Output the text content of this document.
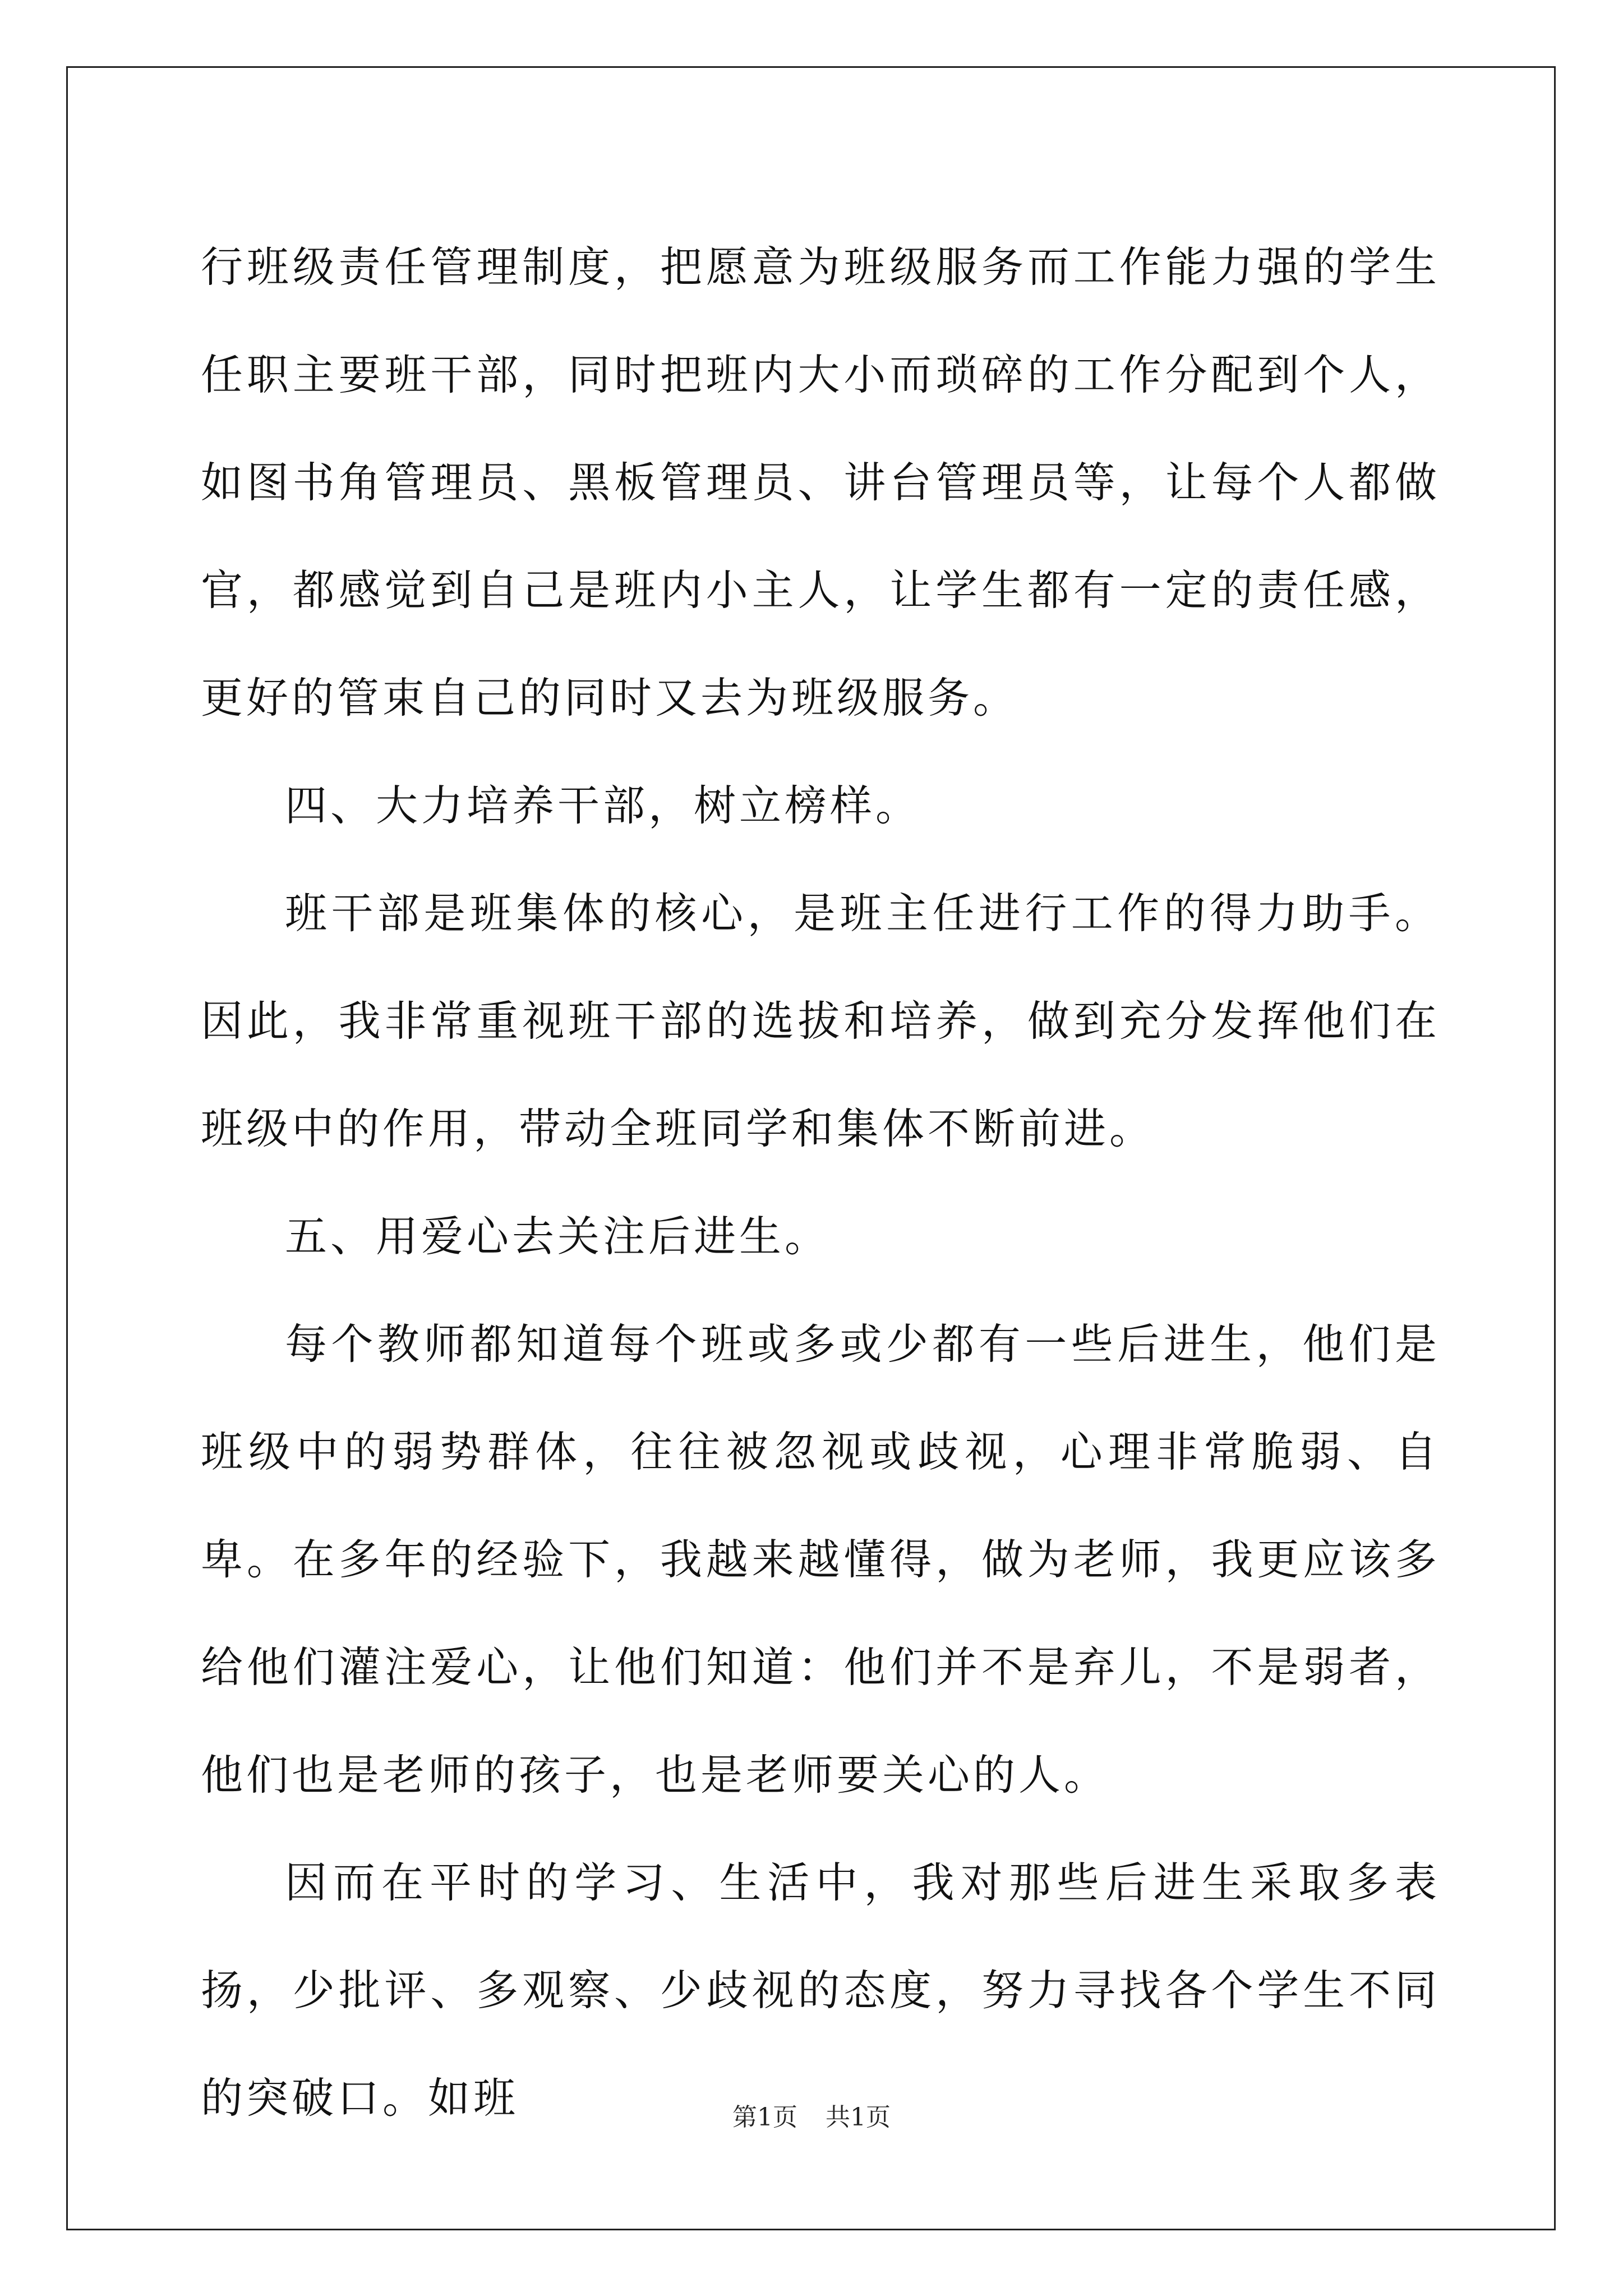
行班级责任管理制度，把愿意为班级服务而工作能力强的学生任职主要班干部，同时把班内大小而琐碎的工作分配到个人，如图书角管理员、黑板管理员、讲台管理员等，让每个人都做官，都感觉到自己是班内小主人，让学生都有一定的责任感，更好的管束自己的同时又去为班级服务。

四、大力培养干部，树立榜样。

班干部是班集体的核心，是班主任进行工作的得力助手。因此，我非常重视班干部的选拔和培养，做到充分发挥他们在班级中的作用，带动全班同学和集体不断前进。

五、用爱心去关注后进生。

每个教师都知道每个班或多或少都有一些后进生，他们是班级中的弱势群体，往往被忽视或歧视，心理非常脆弱、自卑。在多年的经验下，我越来越懂得，做为老师，我更应该多给他们灌注爱心，让他们知道：他们并不是弃儿，不是弱者，他们也是老师的孩子，也是老师要关心的人。

因而在平时的学习、生活中，我对那些后进生采取多表扬，少批评、多观察、少歧视的态度，努力寻找各个学生不同的突破口。如班	第1页 共1页
